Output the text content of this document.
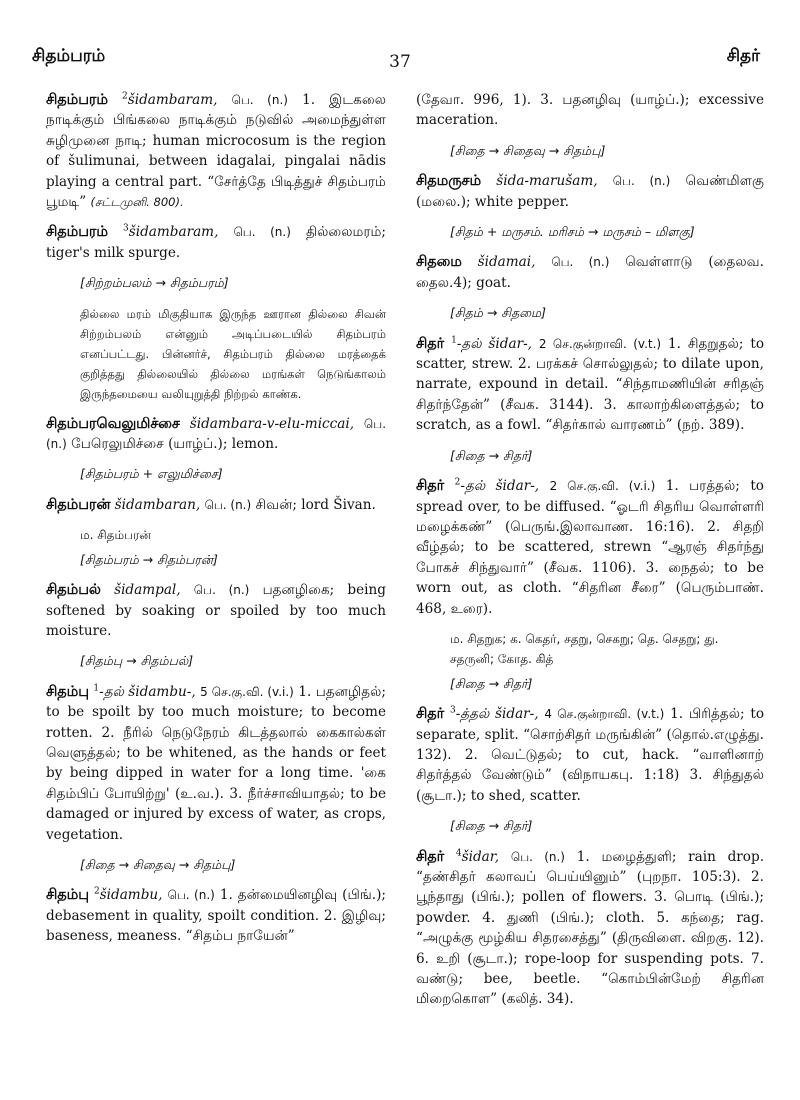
சிதம்பரம்	37	சிதர்
சிதம்பரம் $^2$šidambaram, பெ. (n.) 1. இடகலை நாடிக்கும் பிங்கலை நாடிக்கும் நடுவில் அமைந்துள்ள சுழிமுனை நாடி; human microcosum is the region of šulimunai, between idagalai, pingalai nādis playing a central part. “சேர்த்தே பிடித்துச் சிதம்பரம் பூமடி” (சட்டமுனி. 800).
சிதம்பரம் $^3$šidambaram, பெ. (n.) தில்லைமரம்; tiger's milk spurge.
[சிற்றம்பலம் → சிதம்பரம்]
தில்லை மரம் மிகுதியாக இருந்த ஊரான தில்லை சிவன் சிற்றம்பலம் என்னும் அடிப்படையில் சிதம்பரம் எனப்பட்டது. பின்னர்ச், சிதம்பரம் தில்லை மரத்தைக் குறித்தது தில்லையில் தில்லை மரங்கள் நெடுங்காலம் இருந்தமையை வலியுறுத்தி நிற்றல் காண்க.
சிதம்பரவெலுமிச்சை šidambara-v-elu-miccai, பெ. (n.) பேரெலுமிச்சை (யாழ்ப்.); lemon.
[சிதம்பரம் + எலுமிச்சை]
சிதம்பரன் šidambaran, பெ. (n.) சிவன்; lord Šivan.
ம. சிதம்பரன்
[சிதம்பரம் → சிதம்பரன்]
சிதம்பல் šidampal, பெ. (n.) பதனழிகை; being softened by soaking or spoiled by too much moisture.
[சிதம்பு → சிதம்பல்]
சிதம்பு $^1$-தல் šidambu-, 5 செ.கு.வி. (v.i.) 1. பதனழிதல்; to be spoilt by too much moisture; to become rotten. 2. நீரில் நெடுநேரம் கிடத்தலால் கைகால்கள் வெளுத்தல்; to be whitened, as the hands or feet by being dipped in water for a long time. 'கை சிதம்பிப் போயிற்று' (உ.வ.). 3. நீர்ச்சாவியாதல்; to be damaged or injured by excess of water, as crops, vegetation.
[சிதை → சிதைவு → சிதம்பு]
சிதம்பு $^2$šidambu, பெ. (n.) 1. தன்மையினழிவு (பிங்.); debasement in quality, spoilt condition. 2. இழிவு; baseness, meaness. “சிதம்ப நாயேன்”
(தேவா. 996, 1). 3. பதனழிவு (யாழ்ப்.); excessive maceration.
[சிதை → சிதைவு → சிதம்பு]
சிதமருசம் šida-marušam, பெ. (n.) வெண்மிளகு (மலை.); white pepper.
[சிதம் + மருசம். மரிசம் → மருசம் – மிளகு]
சிதமை šidamai, பெ. (n.) வெள்ளாடு (தைலவ. தைல.4); goat.
[சிதம் → சிதமை]
சிதர் $^1$-தல் šidar-, 2 செ.குன்றாவி. (v.t.) 1. சிதறுதல்; to scatter, strew. 2. பரக்கச் சொல்லுதல்; to dilate upon, narrate, expound in detail. “சிந்தாமணியின் சரிதஞ் சிதர்ந்தேன்” (சீவக. 3144). 3. காலாற்கிளைத்தல்; to scratch, as a fowl. “சிதர்கால் வாரணம்” (நற். 389).
[சிதை → சிதர்]
சிதர் $^2$-தல் šidar-, 2 செ.கு.வி. (v.i.) 1. பரத்தல்; to spread over, to be diffused. “ஓடரி சிதரிய வொள்ளரி மழைக்கண்” (பெருங்.இலாவாண. 16:16). 2. சிதறி வீழ்தல்; to be scattered, strewn “ஆரஞ் சிதர்ந்து போகச் சிந்துவார்” (சீவக. 1106). 3. நைதல்; to be worn out, as cloth. “சிதரின சீரை” (பெரும்பாண். 468, உரை).
ம. சிதறுக; க. கெதர், சதறு, செகறு; தெ. செதறு; து. சதருனி; கோத. கித்
[சிதை → சிதர்]
சிதர் $^3$-த்தல் šidar-, 4 செ.குன்றாவி. (v.t.) 1. பிரித்தல்; to separate, split. “சொற்சிதர் மருங்கின்” (தொல்.எழுத்து. 132). 2. வெட்டுதல்; to cut, hack. “வாளினாற் சிதர்த்தல் வேண்டும்” (விநாயகபு. 1:18) 3. சிந்துதல் (சூடா.); to shed, scatter.
[சிதை → சிதர்]
சிதர் $^4$šidar, பெ. (n.) 1. மழைத்துளி; rain drop. “தண்சிதர் கலாவப் பெய்யினும்” (புறநா. 105:3). 2. பூந்தாது (பிங்.); pollen of flowers. 3. பொடி (பிங்.); powder. 4. துணி (பிங்.); cloth. 5. கந்தை; rag. “அழுக்கு மூழ்கிய சிதரசைத்து” (திருவிளை. விறகு. 12). 6. உறி (சூடா.); rope-loop for suspending pots. 7. வண்டு; bee, beetle. “கொம்பின்மேற் சிதரின மிறைகொள” (கலித். 34).
